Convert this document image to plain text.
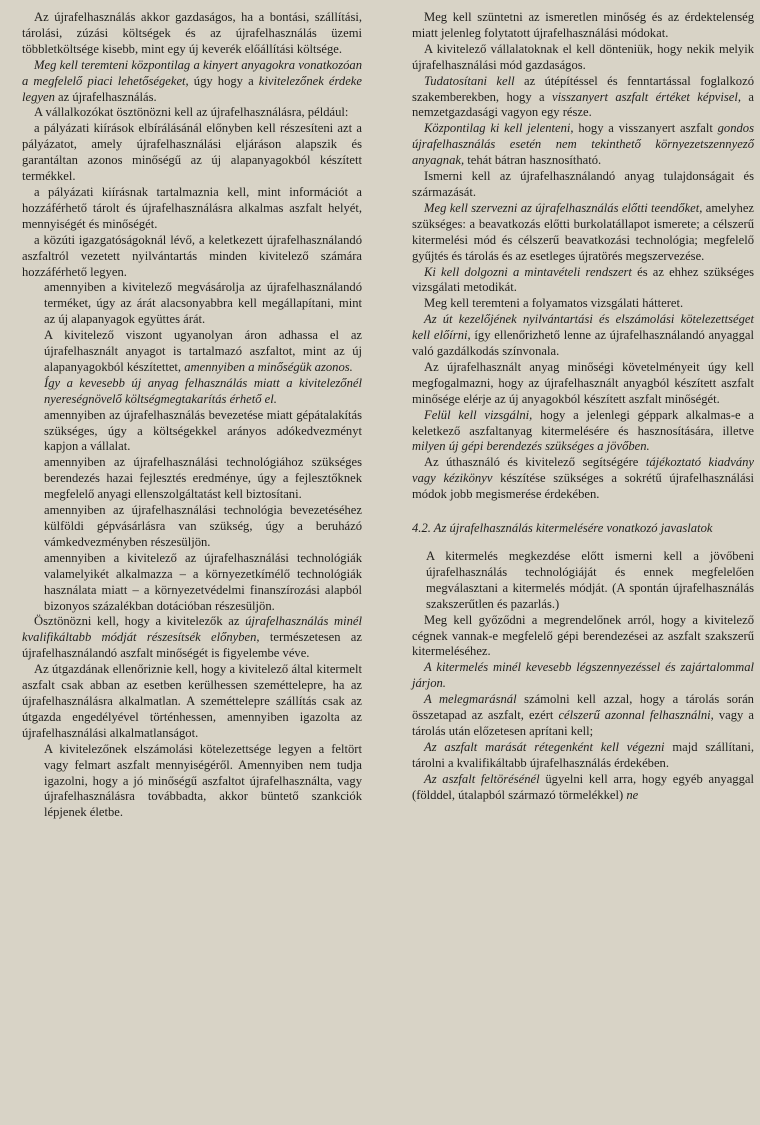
Az újrafelhasználás akkor gazdaságos, ha a bontási, szállítási, tárolási, zúzási költségek és az újrafelhasználás üzemi többletköltsége kisebb, mint egy új keverék előállítási költsége.

Meg kell teremteni központilag a kinyert anyagokra vonatkozóan a megfelelő piaci lehetőségeket, úgy hogy a kivitelezőnek érdeke legyen az újrafelhasználás.

A vállalkozókat ösztönözni kell az újrafelhasználásra, például:

a pályázati kiírások elbírálásánál előnyben kell részesíteni azt a pályázatot, amely újrafelhasználási eljáráson alapszik és garantáltan azonos minőségű az új alapanyagokból készített termékkel.

a pályázati kiírásnak tartalmaznia kell, mint információt a hozzáférhető tárolt és újrafelhasználásra alkalmas aszfalt helyét, mennyiségét és minőségét.

a közúti igazgatóságoknál lévő, a keletkezett újrafelhasználandó aszfaltról vezetett nyilvántartás minden kivitelező számára hozzáférhető legyen.

amennyiben a kivitelező megvásárolja az újrafelhasználandó terméket, úgy az árát alacsonyabbra kell megállapítani, mint az új alapanyagok együttes árát.

A kivitelező viszont ugyanolyan áron adhassa el az újrafelhasznált anyagot is tartalmazó aszfaltot, mint az új alapanyagokból készítettet, amennyiben a minőségük azonos.

Így a kevesebb új anyag felhasználás miatt a kivitelezőnél nyereségnövelő költségmegtakarítás érhető el.

amennyiben az újrafelhasználás bevezetése miatt gépátalakítás szükséges, úgy a költségekkel arányos adókedvezményt kapjon a vállalat.

amennyiben az újrafelhasználási technológiához szükséges berendezés hazai fejlesztés eredménye, úgy a fejlesztőknek megfelelő anyagi ellenszolgáltatást kell biztosítani.

amennyiben az újrafelhasználási technológia bevezetéséhez külföldi gépvásárlásra van szükség, úgy a beruházó vámkedvezményben részesüljön.

amennyiben a kivitelező az újrafelhasználási technológiák valamelyikét alkalmazza – a környezetkímélő technológiák használata miatt – a környezetvédelmi finanszírozási alapból bizonyos százalékban dotációban részesüljön.

Ösztönözni kell, hogy a kivitelezők az újrafelhasználás minél kvalifikáltabb módját részesítsék előnyben, természetesen az újrafelhasználandó aszfalt minőségét is figyelembe véve.

Az útgazdának ellenőriznie kell, hogy a kivitelező által kitermelt aszfalt csak abban az esetben kerülhessen szeméttelepre, ha az újrafelhasználásra alkalmatlan. A szeméttelepre szállítás csak az útgazda engedélyével történhessen, amennyiben igazolta az újrafelhasználási alkalmatlanságot.

A kivitelezőnek elszámolási kötelezettsége legyen a feltört vagy felmart aszfalt mennyiségéről. Amennyiben nem tudja igazolni, hogy a jó minőségű aszfaltot újrafelhasználta, vagy újrafelhasználásra továbbadta, akkor büntető szankciók lépjenek életbe.

Meg kell szüntetni az ismeretlen minőség és az érdektelenség miatt jelenleg folytatott újrafelhasználási módokat.

A kivitelező vállalatoknak el kell dönteniük, hogy nekik melyik újrafelhasználási mód gazdaságos.

Tudatosítani kell az útépítéssel és fenntartással foglalkozó szakemberekben, hogy a visszanyert aszfalt értéket képvisel, a nemzetgazdasági vagyon egy része.

Központilag ki kell jelenteni, hogy a visszanyert aszfalt gondos újrafelhasználás esetén nem tekinthető környezetszennyező anyagnak, tehát bátran hasznosítható.

Ismerni kell az újrafelhasználandó anyag tulajdonságait és származását.

Meg kell szervezni az újrafelhasználás előtti teendőket, amelyhez szükséges: a beavatkozás előtti burkolatállapot ismerete; a célszerű kitermelési mód és célszerű beavatkozási technológia; megfelelő gyűjtés és tárolás és az esetleges újratörés megszervezése.

Ki kell dolgozni a mintavételi rendszert és az ehhez szükséges vizsgálati metodikát.

Meg kell teremteni a folyamatos vizsgálati hátteret.

Az út kezelőjének nyilvántartási és elszámolási kötelezettséget kell előírni, így ellenőrizhető lenne az újrafelhasználandó anyaggal való gazdálkodás színvonala.

Az újrafelhasznált anyag minőségi követelményeit úgy kell megfogalmazni, hogy az újrafelhasznált anyagból készített aszfalt minősége elérje az új anyagokból készített aszfalt minőségét.

Felül kell vizsgálni, hogy a jelenlegi géppark alkalmas-e a keletkező aszfaltanyag kitermelésére és hasznosítására, illetve milyen új gépi berendezés szükséges a jövőben.

Az úthasználó és kivitelező segítségére tájékoztató kiadvány vagy kézikönyv készítése szükséges a sokrétű újrafelhasználási módok jobb megismerése érdekében.

4.2. Az újrafelhasználás kitermelésére vonatkozó javaslatok

A kitermelés megkezdése előtt ismerni kell a jövőbeni újrafelhasználás technológiáját és ennek megfelelően megválasztani a kitermelés módját. (A spontán újrafelhasználás szakszerűtlen és pazarlás.)

Meg kell győződni a megrendelőnek arról, hogy a kivitelező cégnek vannak-e megfelelő gépi berendezései az aszfalt szakszerű kitermeléséhez.

A kitermelés minél kevesebb légszennyezéssel és zajártalommal járjon.

A melegmarásnál számolni kell azzal, hogy a tárolás során összetapad az aszfalt, ezért célszerű azonnal felhasználni, vagy a tárolás után előzetesen aprítani kell;

Az aszfalt marását rétegenként kell végezni majd szállítani, tárolni a kvalifikáltabb újrafelhasználás érdekében.

Az aszfalt feltörésénél ügyelni kell arra, hogy egyéb anyaggal (földdel, útalapból származó törmelékkel) ne
